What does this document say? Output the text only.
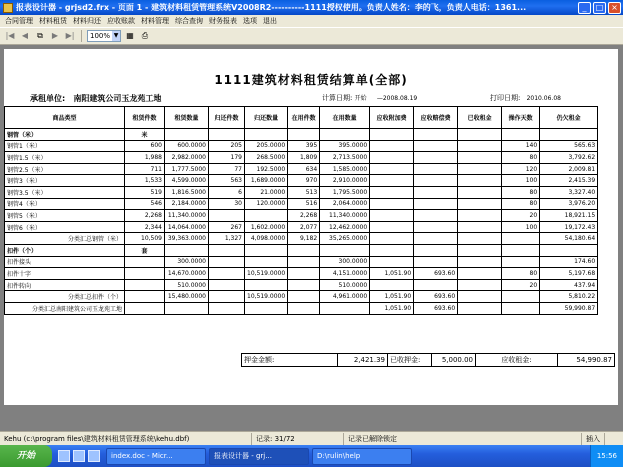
报表设计器 - grjsd2.frx - 页面 1 - 建筑材料租赁管理系统V2008R2----------1111授权使用。负责人姓名：李的飞，负责人电话：1361...	_	□ ×
合同管理 材料租赁 材料归还 应收账款 材料管理 综合查询 财务报表 选项 退出
|◀ ◀	⧉	▶ ▶| 100% ▼ ▦	⎙
1111建筑材料租赁结算单(全部)
承租单位: 南阳建筑公司玉龙苑工地	计算日期: 开始 —2008.08.19	打印日期: 2010.06.08
商品类型	租赁件数	租赁数量	归还件数	归还数量	在用件数	在用数量	应收附加费	应收赔偿费	已收租金	操作天数	仍欠租金
钢管（米）	米										
钢管1（米）	600	600.0000	205	205.0000	395	395.0000				140	565.63
钢管1.5（米）	1,988	2,982.0000	179	268.5000	1,809	2,713.5000				80	3,792.62
钢管2.5（米）	711	1,777.5000	77	192.5000	634	1,585.0000				120	2,009.81
钢管3（米）	1,533	4,599.0000	563	1,689.0000	970	2,910.0000				100	2,415.39
钢管3.5（米）	519	1,816.5000	6	21.0000	513	1,795.5000				80	3,327.40
钢管4（米）	546	2,184.0000	30	120.0000	516	2,064.0000				80	3,976.20
钢管5（米）	2,268	11,340.0000			2,268	11,340.0000				20	18,921.15
钢管6（米）	2,344	14,064.0000	267	1,602.0000	2,077	12,462.0000				100	19,172.43
分类汇总钢管（米）	10,509	39,363.0000	1,327	4,098.0000	9,182	35,265.0000					54,180.64
扣件（个）	套										
扣件接头		300.0000				300.0000					174.60
扣件十字		14,670.0000		10,519.0000		4,151.0000	1,051.90	693.60		80	5,197.68
扣件转向		510.0000				510.0000				20	437.94
分类汇总扣件（个）		15,480.0000		10,519.0000		4,961.0000	1,051.90	693.60			5,810.22
分类汇总南阳建筑公司玉龙苑工地							1,051.90	693.60			59,990.87
押金金额:	2,421.39 已收押金:	5,000.00	应收租金:	54,990.87
Kehu (c:\program files\建筑材料租赁管理系统\kehu.dbf)	记录: 31/72	记录已解除锁定	插入
开始	index.doc - Micr...	报表设计器 - grj...	D:\rulin\help	15:56
